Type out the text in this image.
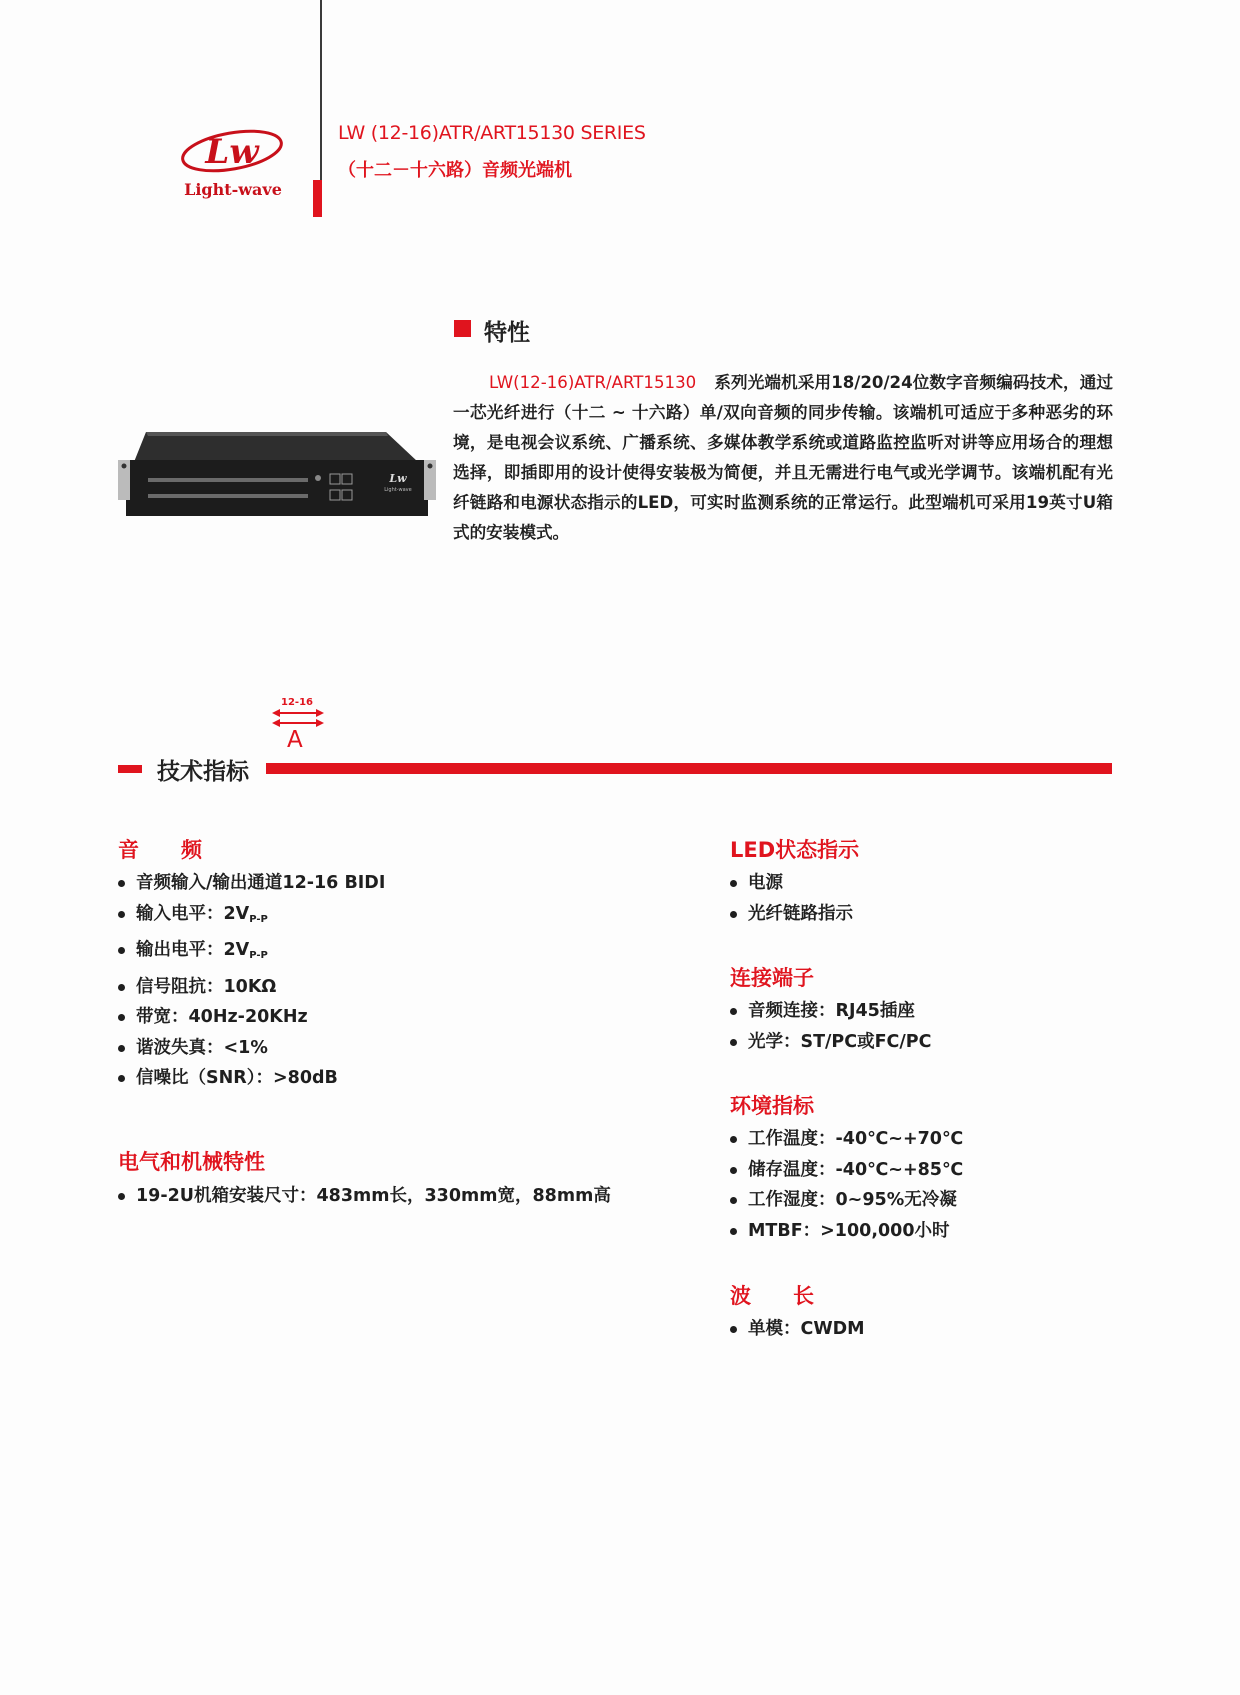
Lw
Light-wave
LW (12-16)ATR/ART15130 SERIES
（十二－十六路）音频光端机
特性
LW(12-16)ATR/ART15130 系列光端机采用18/20/24位数字音频编码技术，通过一芯光纤进行（十二 ~ 十六路）单/双向音频的同步传输。该端机可适应于多种恶劣的环境，是电视会议系统、广播系统、多媒体教学系统或道路监控监听对讲等应用场合的理想选择，即插即用的设计使得安装极为简便，并且无需进行电气或光学调节。该端机配有光纤链路和电源状态指示的LED，可实时监测系统的正常运行。此型端机可采用19英寸U箱式的安装模式。
Lw
Light-wave
12-16
A
技术指标
音　　频
音频输入/输出通道12-16 BIDI
输入电平：$2V_{P-P}$
输出电平：$2V_{P-P}$
信号阻抗：10KΩ
带宽：40Hz-20KHz
谐波失真：<1%
信噪比（SNR）：>80dB
电气和机械特性
19-2U机箱安装尺寸：483mm长，330mm宽，88mm高
LED状态指示
电源
光纤链路指示
连接端子
音频连接：RJ45插座
光学：ST/PC或FC/PC
环境指标
工作温度：-40℃~+70℃
储存温度：-40℃~+85℃
工作湿度：0~95%无冷凝
MTBF：>100,000小时
波　　长
单模：CWDM
